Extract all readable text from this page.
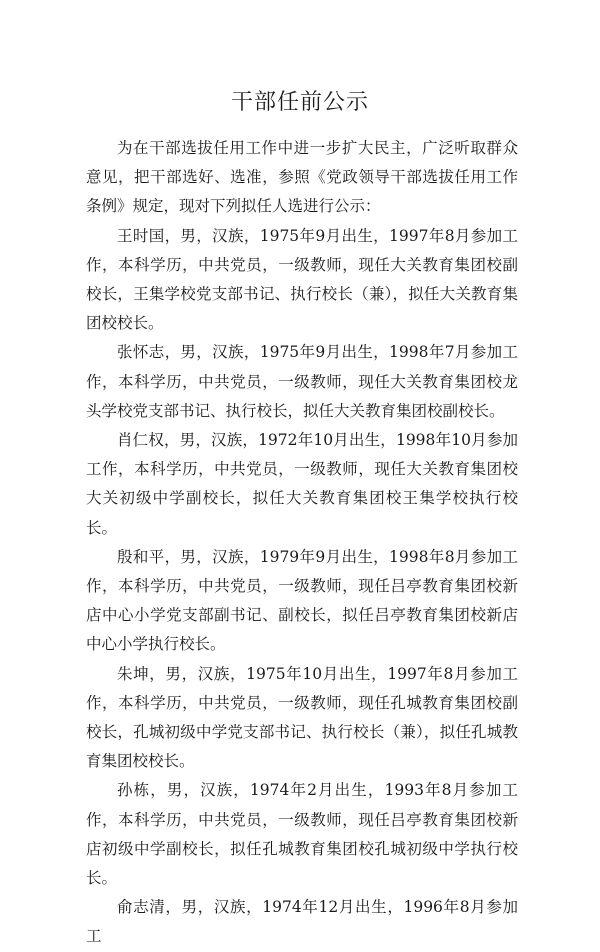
干部任前公示

为在干部选拔任用工作中进一步扩大民主，广泛听取群众意见，把干部选好、选准，参照《党政领导干部选拔任用工作条例》规定，现对下列拟任人选进行公示：

王时国，男，汉族，1975年9月出生，1997年8月参加工作，本科学历，中共党员，一级教师，现任大关教育集团校副校长，王集学校党支部书记、执行校长（兼），拟任大关教育集团校校长。

张怀志，男，汉族，1975年9月出生，1998年7月参加工作，本科学历，中共党员，一级教师，现任大关教育集团校龙头学校党支部书记、执行校长，拟任大关教育集团校副校长。

肖仁权，男，汉族，1972年10月出生，1998年10月参加工作，本科学历，中共党员，一级教师，现任大关教育集团校大关初级中学副校长，拟任大关教育集团校王集学校执行校长。

殷和平，男，汉族，1979年9月出生，1998年8月参加工作，本科学历，中共党员，一级教师，现任吕亭教育集团校新店中心小学党支部副书记、副校长，拟任吕亭教育集团校新店中心小学执行校长。

朱坤，男，汉族，1975年10月出生，1997年8月参加工作，本科学历，中共党员，一级教师，现任孔城教育集团校副校长，孔城初级中学党支部书记、执行校长（兼），拟任孔城教育集团校校长。

孙栋，男，汉族，1974年2月出生，1993年8月参加工作，本科学历，中共党员，一级教师，现任吕亭教育集团校新店初级中学副校长，拟任孔城教育集团校孔城初级中学执行校长。

俞志清，男，汉族，1974年12月出生，1996年8月参加工
